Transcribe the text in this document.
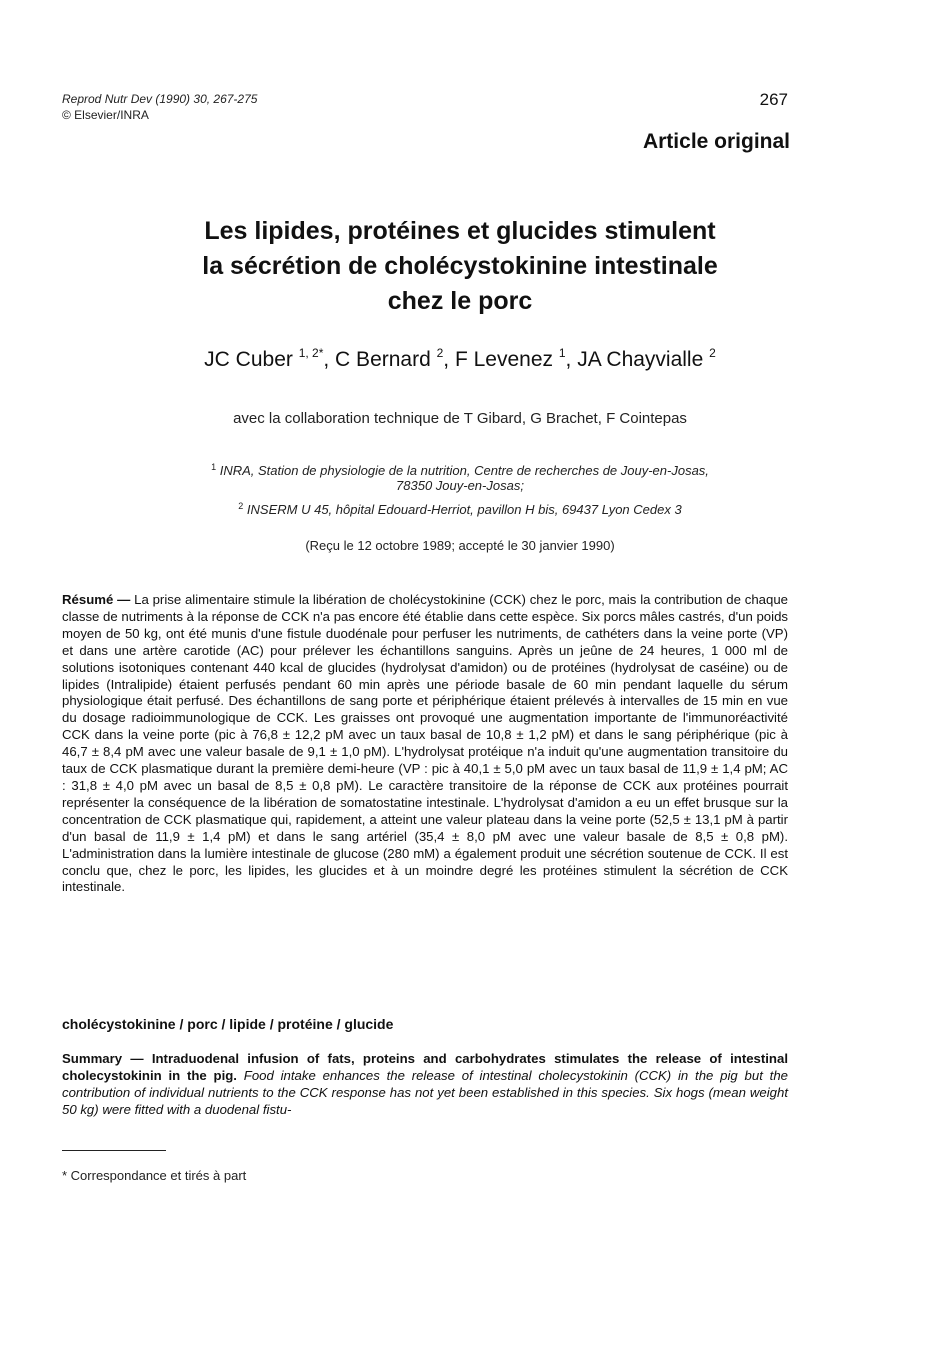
Reprod Nutr Dev (1990) 30, 267-275
© Elsevier/INRA
267
Article original
Les lipides, protéines et glucides stimulent
la sécrétion de cholécystokinine intestinale
chez le porc
JC Cuber $^{1, 2*}$, C Bernard $^2$, F Levenez $^1$, JA Chayvialle $^2$
avec la collaboration technique de T Gibard, G Brachet, F Cointepas
$^1$ INRA, Station de physiologie de la nutrition, Centre de recherches de Jouy-en-Josas,
78350 Jouy-en-Josas;
$^2$ INSERM U 45, hôpital Edouard-Herriot, pavillon H bis, 69437 Lyon Cedex 3
(Reçu le 12 octobre 1989; accepté le 30 janvier 1990)
Résumé — La prise alimentaire stimule la libération de cholécystokinine (CCK) chez le porc, mais la contribution de chaque classe de nutriments à la réponse de CCK n'a pas encore été établie dans cette espèce. Six porcs mâles castrés, d'un poids moyen de 50 kg, ont été munis d'une fistule duodénale pour perfuser les nutriments, de cathéters dans la veine porte (VP) et dans une artère carotide (AC) pour prélever les échantillons sanguins. Après un jeûne de 24 heures, 1 000 ml de solutions isotoniques contenant 440 kcal de glucides (hydrolysat d'amidon) ou de protéines (hydrolysat de caséine) ou de lipides (Intralipide) étaient perfusés pendant 60 min après une période basale de 60 min pendant laquelle du sérum physiologique était perfusé. Des échantillons de sang porte et périphérique étaient prélevés à intervalles de 15 min en vue du dosage radioimmunologique de CCK. Les graisses ont provoqué une augmentation importante de l'immunoréactivité CCK dans la veine porte (pic à 76,8 ± 12,2 pM avec un taux basal de 10,8 ± 1,2 pM) et dans le sang périphérique (pic à 46,7 ± 8,4 pM avec une valeur basale de 9,1 ± 1,0 pM). L'hydrolysat protéique n'a induit qu'une augmentation transitoire du taux de CCK plasmatique durant la première demi-heure (VP : pic à 40,1 ± 5,0 pM avec un taux basal de 11,9 ± 1,4 pM; AC : 31,8 ± 4,0 pM avec un basal de 8,5 ± 0,8 pM). Le caractère transitoire de la réponse de CCK aux protéines pourrait représenter la conséquence de la libération de somatostatine intestinale. L'hydrolysat d'amidon a eu un effet brusque sur la concentration de CCK plasmatique qui, rapidement, a atteint une valeur plateau dans la veine porte (52,5 ± 13,1 pM à partir d'un basal de 11,9 ± 1,4 pM) et dans le sang artériel (35,4 ± 8,0 pM avec une valeur basale de 8,5 ± 0,8 pM). L'administration dans la lumière intestinale de glucose (280 mM) a également produit une sécrétion soutenue de CCK. Il est conclu que, chez le porc, les lipides, les glucides et à un moindre degré les protéines stimulent la sécrétion de CCK intestinale.
cholécystokinine / porc / lipide / protéine / glucide
Summary — Intraduodenal infusion of fats, proteins and carbohydrates stimulates the release of intestinal cholecystokinin in the pig. Food intake enhances the release of intestinal cholecystokinin (CCK) in the pig but the contribution of individual nutrients to the CCK response has not yet been established in this species. Six hogs (mean weight 50 kg) were fitted with a duodenal fistu-
* Correspondance et tirés à part
